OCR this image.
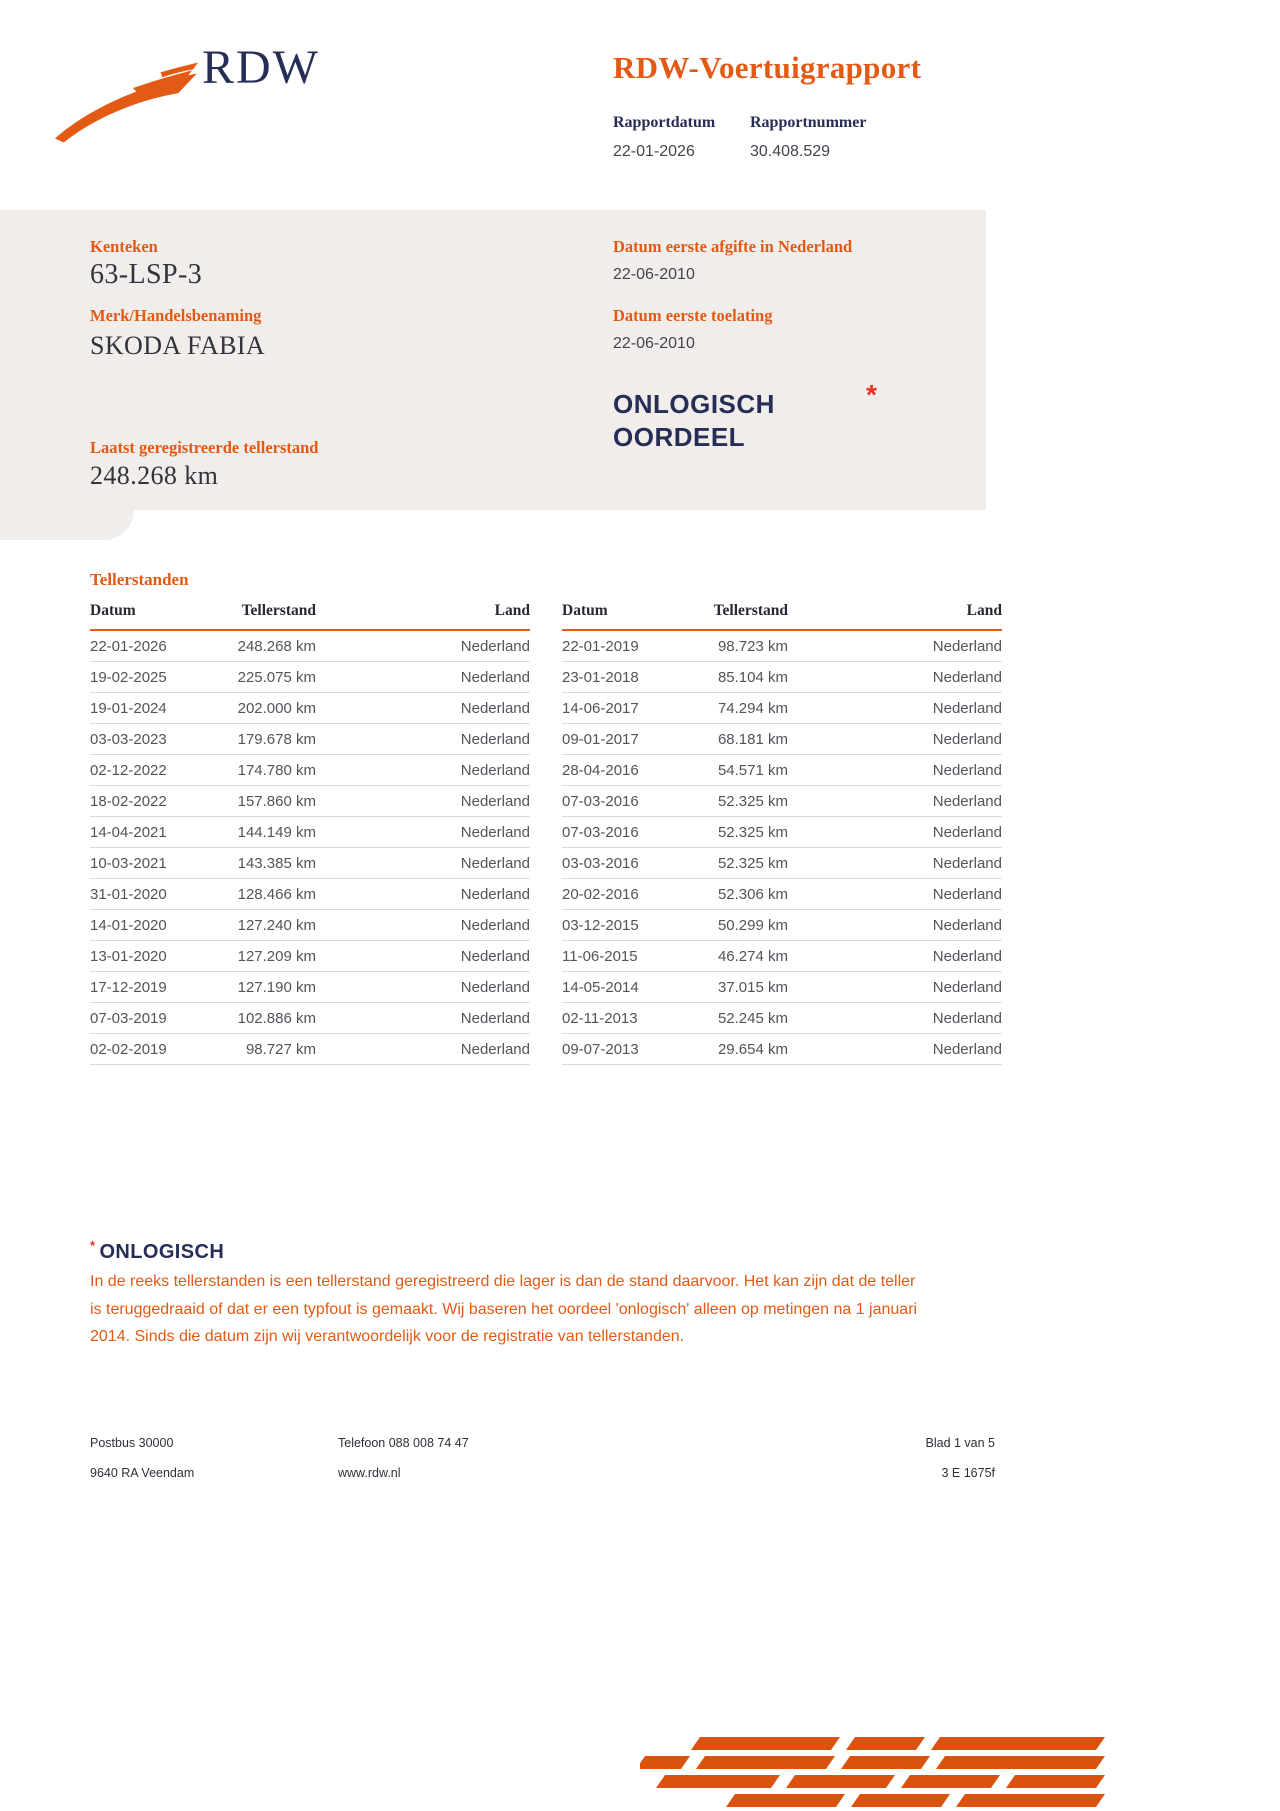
RDW	RDW-Voertuigrapport
Rapportdatum
22-01-2026
Rapportnummer
30.408.529
Kenteken
63-LSP-3
Merk/Handelsbenaming
SKODA FABIA
Laatst geregistreerde tellerstand
248.268 km
Datum eerste afgifte in Nederland
22-06-2010
Datum eerste toelating
22-06-2010
ONLOGISCH
OORDEEL
*
Tellerstanden
Datum	Tellerstand	Land
22-01-2026	248.268 km	Nederland
19-02-2025	225.075 km	Nederland
19-01-2024	202.000 km	Nederland
03-03-2023	179.678 km	Nederland
02-12-2022	174.780 km	Nederland
18-02-2022	157.860 km	Nederland
14-04-2021	144.149 km	Nederland
10-03-2021	143.385 km	Nederland
31-01-2020	128.466 km	Nederland
14-01-2020	127.240 km	Nederland
13-01-2020	127.209 km	Nederland
17-12-2019	127.190 km	Nederland
07-03-2019	102.886 km	Nederland
02-02-2019	98.727 km	Nederland
Datum	Tellerstand	Land
22-01-2019	98.723 km	Nederland
23-01-2018	85.104 km	Nederland
14-06-2017	74.294 km	Nederland
09-01-2017	68.181 km	Nederland
28-04-2016	54.571 km	Nederland
07-03-2016	52.325 km	Nederland
07-03-2016	52.325 km	Nederland
03-03-2016	52.325 km	Nederland
20-02-2016	52.306 km	Nederland
03-12-2015	50.299 km	Nederland
11-06-2015	46.274 km	Nederland
14-05-2014	37.015 km	Nederland
02-11-2013	52.245 km	Nederland
09-07-2013	29.654 km	Nederland
* ONLOGISCH

In de reeks tellerstanden is een tellerstand geregistreerd die lager is dan de stand daarvoor. Het kan zijn dat de teller is teruggedraaid of dat er een typfout is gemaakt. Wij baseren het oordeel 'onlogisch' alleen op metingen na 1 januari 2014. Sinds die datum zijn wij verantwoordelijk voor de registratie van tellerstanden.

Postbus 30000
9640 RA Veendam
Telefoon 088 008 74 47
www.rdw.nl
Blad 1 van 5
3 E 1675f
